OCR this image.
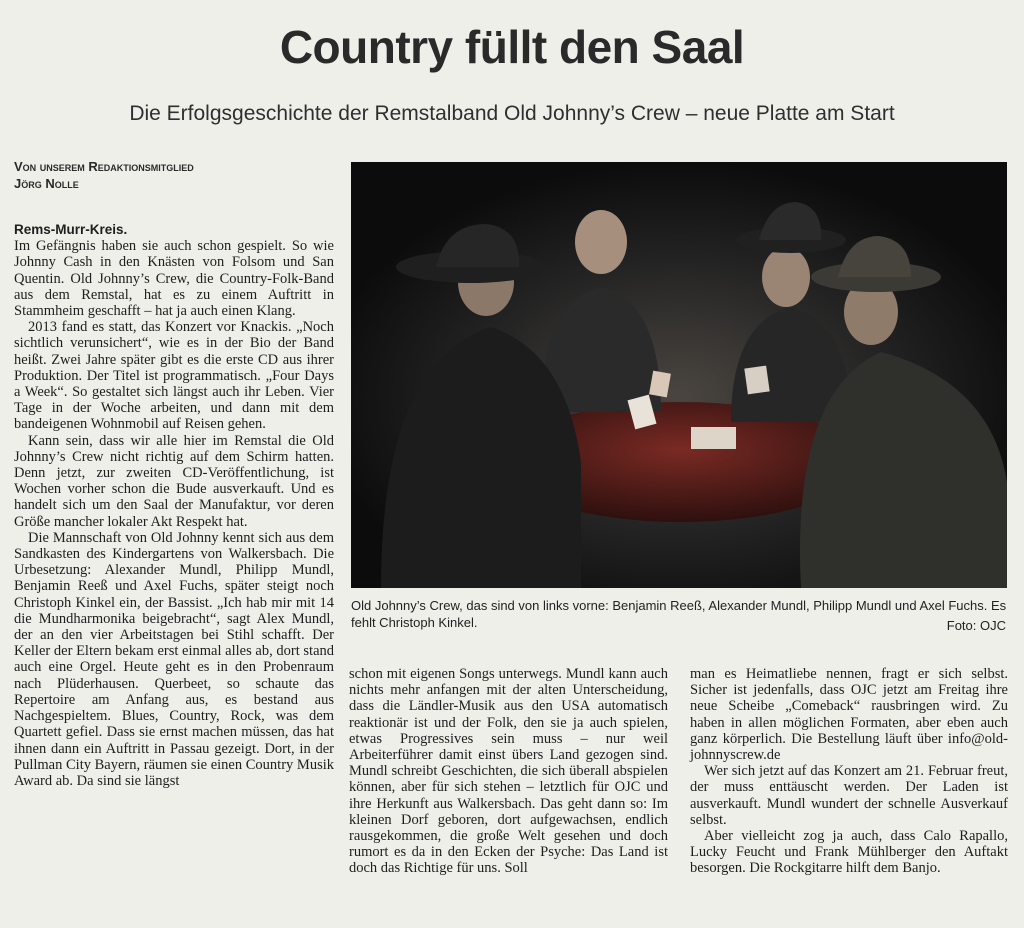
Country füllt den Saal
Die Erfolgsgeschichte der Remstalband Old Johnny’s Crew – neue Platte am Start
Von unserem Redaktionsmitglied
Jörg Nolle
Rems-Murr-Kreis.

Im Gefängnis haben sie auch schon gespielt. So wie Johnny Cash in den Knästen von Folsom und San Quentin. Old Johnny’s Crew, die Country-Folk-Band aus dem Remstal, hat es zu einem Auftritt in Stammheim geschafft – hat ja auch einen Klang.

2013 fand es statt, das Konzert vor Knackis. „Noch sichtlich verunsichert“, wie es in der Bio der Band heißt. Zwei Jahre später gibt es die erste CD aus ihrer Produktion. Der Titel ist programmatisch. „Four Days a Week“. So gestaltet sich längst auch ihr Leben. Vier Tage in der Woche arbeiten, und dann mit dem bandeigenen Wohnmobil auf Reisen gehen.

Kann sein, dass wir alle hier im Remstal die Old Johnny’s Crew nicht richtig auf dem Schirm hatten. Denn jetzt, zur zweiten CD-Veröffentlichung, ist Wochen vorher schon die Bude ausverkauft. Und es handelt sich um den Saal der Manufaktur, vor deren Größe mancher lokaler Akt Respekt hat.

Die Mannschaft von Old Johnny kennt sich aus dem Sandkasten des Kindergartens von Walkersbach. Die Urbesetzung: Alexander Mundl, Philipp Mundl, Benjamin Reeß und Axel Fuchs, später steigt noch Christoph Kinkel ein, der Bassist. „Ich hab mir mit 14 die Mundharmonika beigebracht“, sagt Alex Mundl, der an den vier Arbeitstagen bei Stihl schafft. Der Keller der Eltern bekam erst einmal alles ab, dort stand auch eine Orgel. Heute geht es in den Probenraum nach Plüderhausen. Querbeet, so schaute das Repertoire am Anfang aus, es bestand aus Nachgespieltem. Blues, Country, Rock, was dem Quartett gefiel. Dass sie ernst machen müssen, das hat ihnen dann ein Auftritt in Passau gezeigt. Dort, in der Pullman City Bayern, räumen sie einen Country Musik Award ab. Da sind sie längst

Old Johnny’s Crew, das sind von links vorne: Benjamin Reeß, Alexander Mundl, Philipp Mundl und Axel Fuchs. Es fehlt Christoph Kinkel.	Foto: OJC

schon mit eigenen Songs unterwegs. Mundl kann auch nichts mehr anfangen mit der alten Unterscheidung, dass die Ländler-Musik aus den USA automatisch reaktionär ist und der Folk, den sie ja auch spielen, etwas Progressives sein muss – nur weil Arbeiterführer damit einst übers Land gezogen sind. Mundl schreibt Geschichten, die sich überall abspielen können, aber für sich stehen – letztlich für OJC und ihre Herkunft aus Walkersbach. Das geht dann so: Im kleinen Dorf geboren, dort aufgewachsen, endlich rausgekommen, die große Welt gesehen und doch rumort es da in den Ecken der Psyche: Das Land ist doch das Richtige für uns. Soll

man es Heimatliebe nennen, fragt er sich selbst. Sicher ist jedenfalls, dass OJC jetzt am Freitag ihre neue Scheibe „Comeback“ rausbringen wird. Zu haben in allen möglichen Formaten, aber eben auch ganz körperlich. Die Bestellung läuft über info@old-johnnyscrew.de

Wer sich jetzt auf das Konzert am 21. Februar freut, der muss enttäuscht werden. Der Laden ist ausverkauft. Mundl wundert der schnelle Ausverkauf selbst.

Aber vielleicht zog ja auch, dass Calo Rapallo, Lucky Feucht und Frank Mühlberger den Auftakt besorgen. Die Rockgitarre hilft dem Banjo.
